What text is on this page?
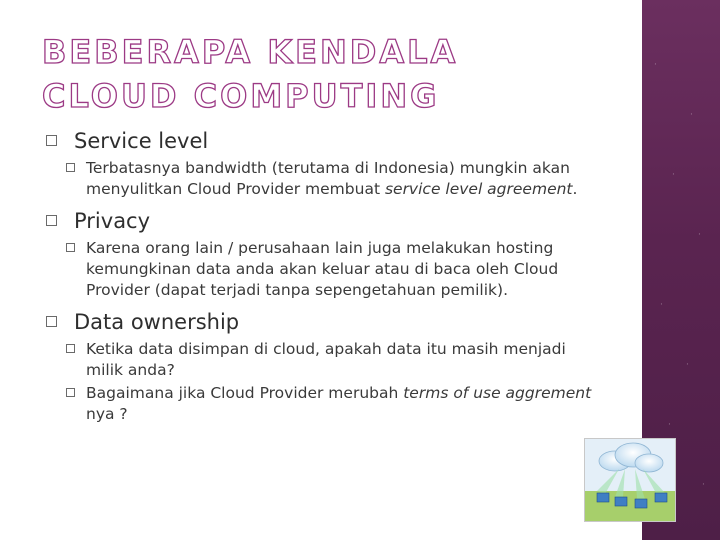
BEBERAPA KENDALA CLOUD COMPUTING
Service level
Terbatasnya bandwidth (terutama di Indonesia) mungkin akan menyulitkan Cloud Provider membuat service level agreement.
Privacy
Karena orang lain / perusahaan lain juga melakukan hosting kemungkinan data anda akan keluar atau di baca oleh Cloud Provider (dapat terjadi tanpa sepengetahuan pemilik).
Data ownership
Ketika data disimpan di cloud, apakah data itu masih menjadi milik anda?
Bagaimana jika Cloud Provider merubah terms of use aggrement nya ?
·
·
·
·
·
·
·
·
